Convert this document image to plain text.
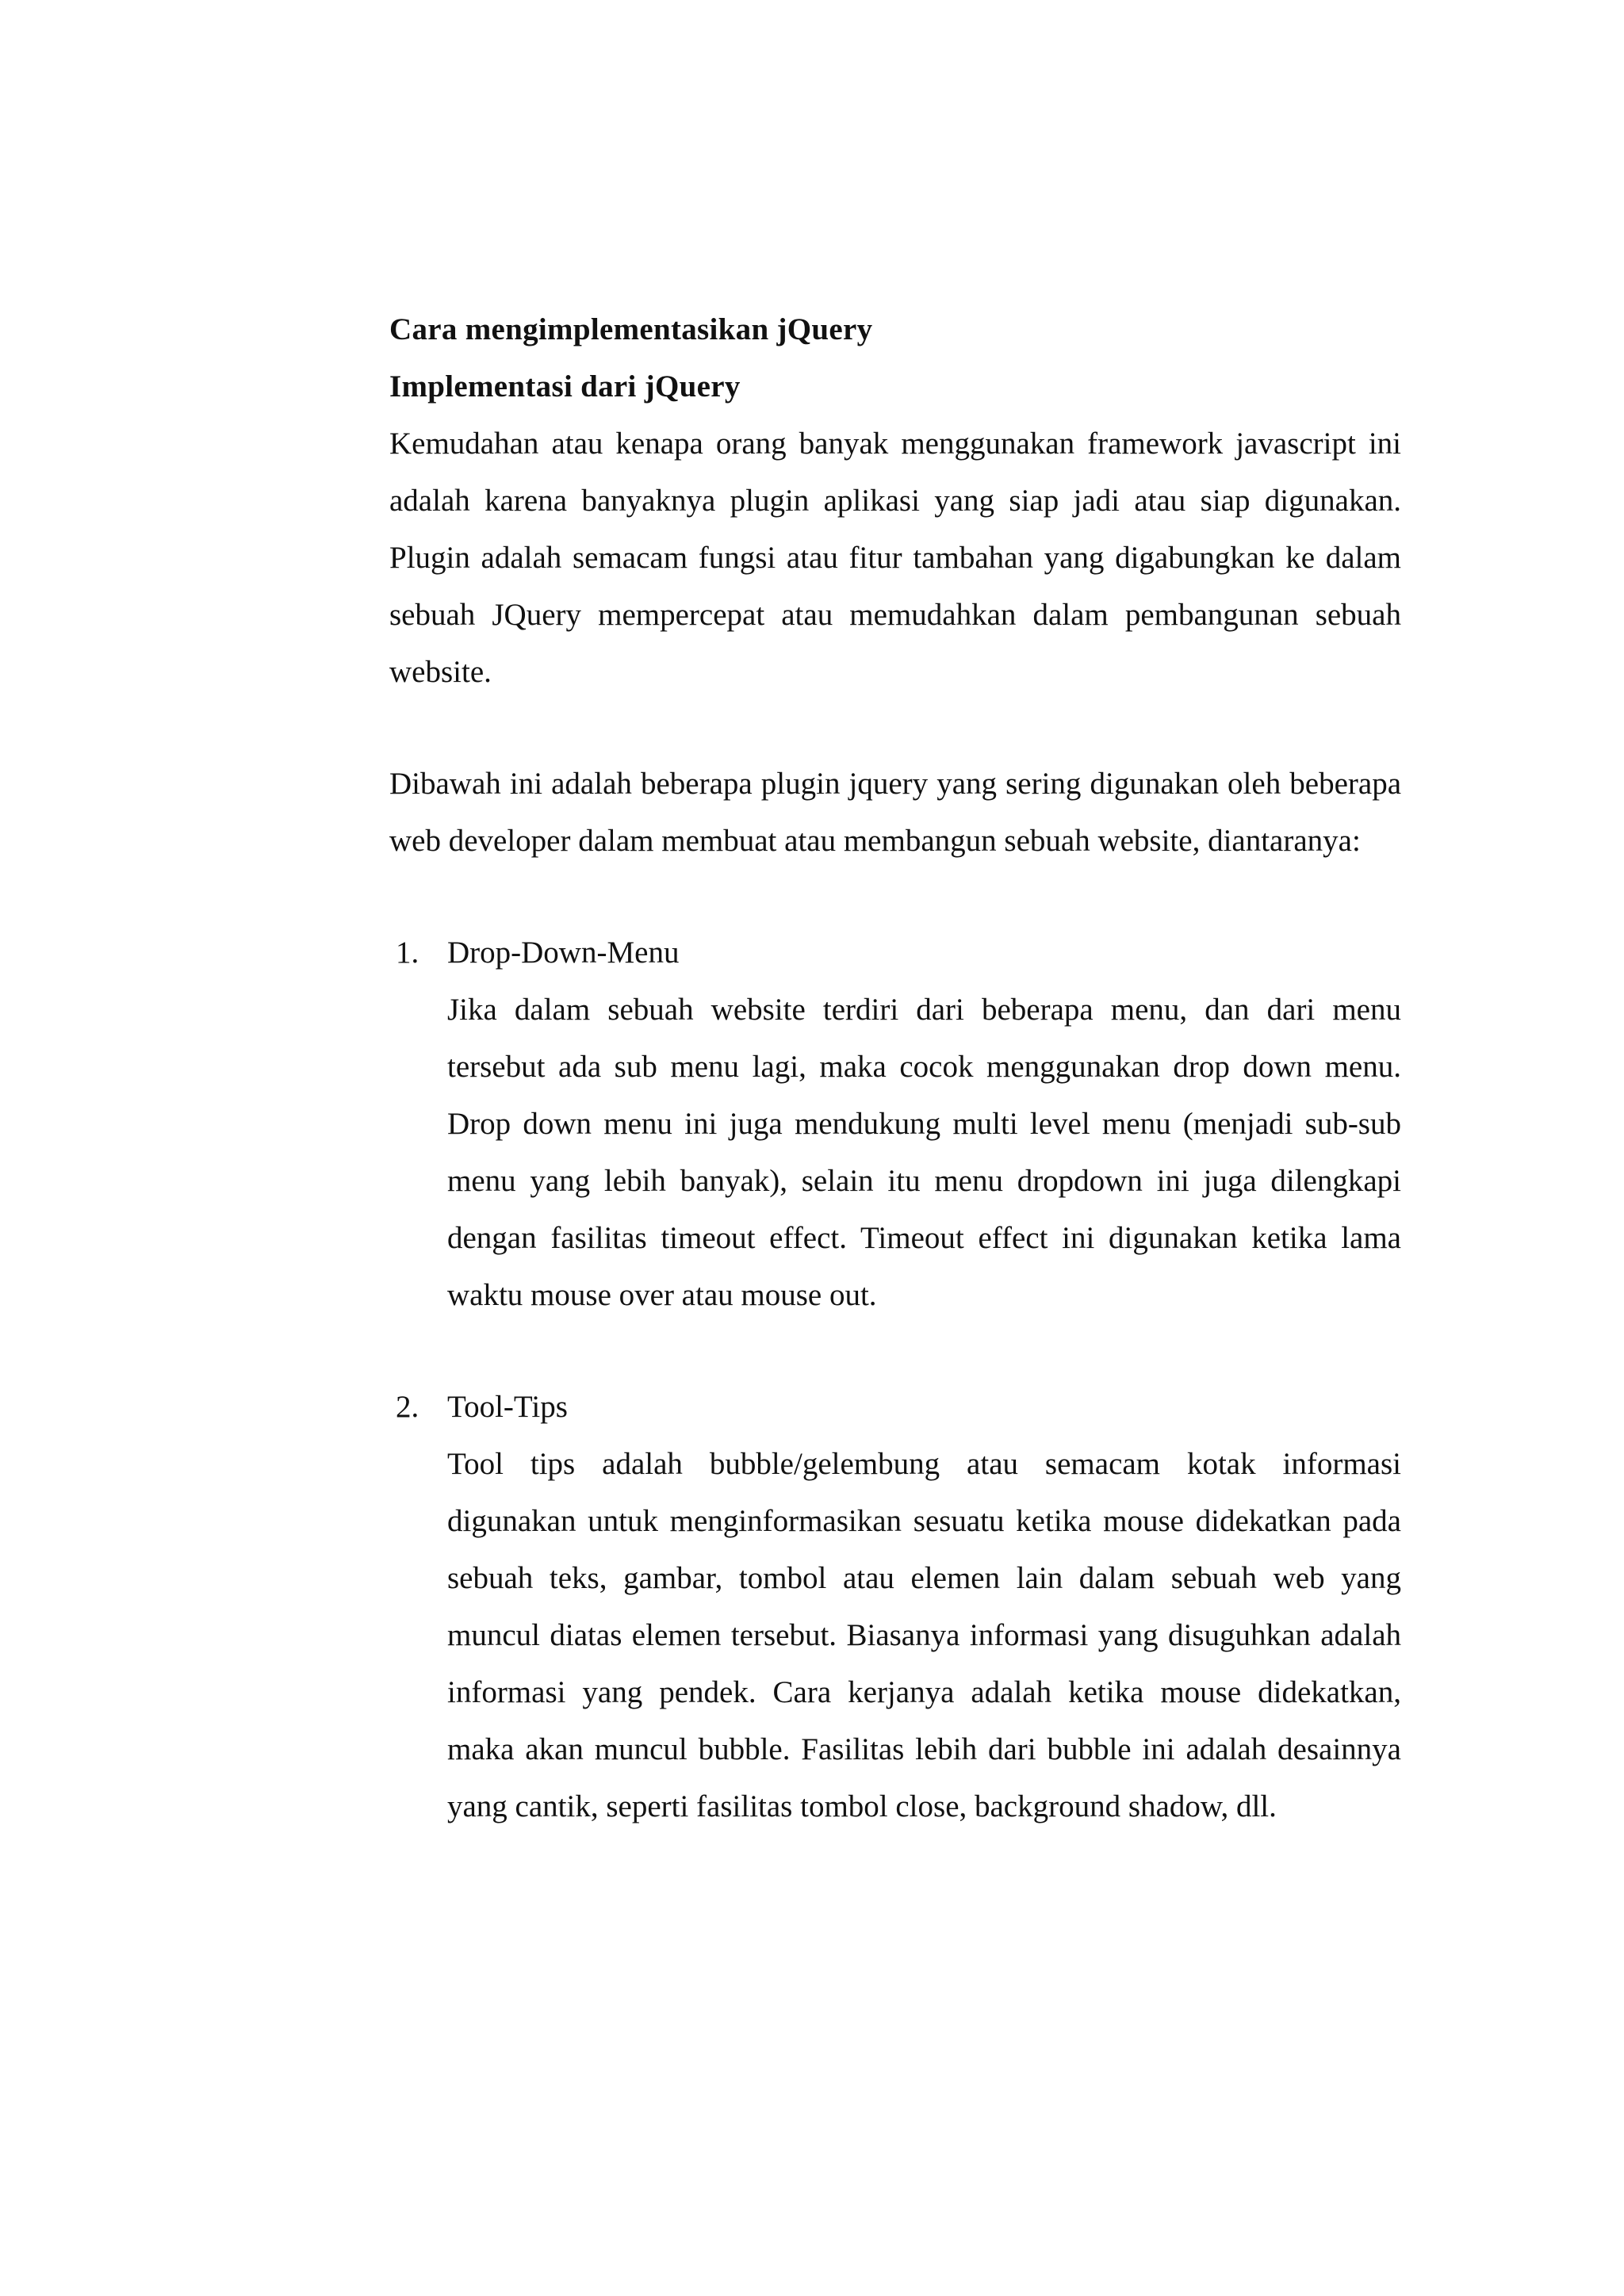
Cara mengimplementasikan jQuery
Implementasi dari jQuery

Kemudahan atau kenapa orang banyak menggunakan framework javascript ini adalah karena banyaknya plugin aplikasi yang siap jadi atau siap digunakan. Plugin adalah semacam fungsi atau fitur tambahan yang digabungkan ke dalam sebuah JQuery mempercepat atau memudahkan dalam pembangunan sebuah website.

Dibawah ini adalah beberapa plugin jquery yang sering digunakan oleh beberapa web developer dalam membuat atau membangun sebuah website, diantaranya:

1. Drop-Down-Menu

Jika dalam sebuah website terdiri dari beberapa menu, dan dari menu tersebut ada sub menu lagi, maka cocok menggunakan drop down menu. Drop down menu ini juga mendukung multi level menu (menjadi sub-sub menu yang lebih banyak), selain itu menu dropdown ini juga dilengkapi dengan fasilitas timeout effect. Timeout effect ini digunakan ketika lama waktu mouse over atau mouse out.

2. Tool-Tips

Tool tips adalah bubble/gelembung atau semacam kotak informasi digunakan untuk menginformasikan sesuatu ketika mouse didekatkan pada sebuah teks, gambar, tombol atau elemen lain dalam sebuah web yang muncul diatas elemen tersebut. Biasanya informasi yang disuguhkan adalah informasi yang pendek. Cara kerjanya adalah ketika mouse didekatkan, maka akan muncul bubble. Fasilitas lebih dari bubble ini adalah desainnya yang cantik, seperti fasilitas tombol close, background shadow, dll.
